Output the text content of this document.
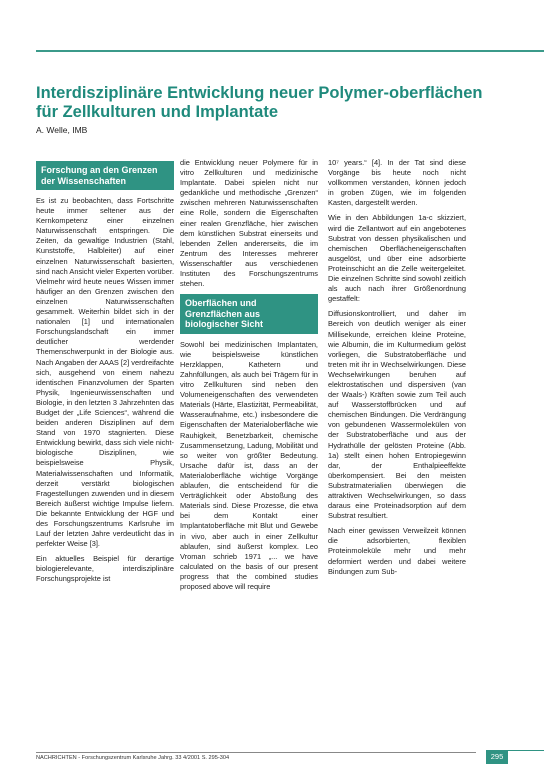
Interdisziplinäre Entwicklung neuer Polymer-oberflächen für Zellkulturen und Implantate
A. Welle, IMB
Forschung an den Grenzen der Wissenschaften

Es ist zu beobachten, dass Fortschritte heute immer seltener aus der Kernkompetenz einer einzelnen Naturwissenschaft entspringen. Die Zeiten, da gewaltige Industrien (Stahl, Kunststoffe, Halbleiter) auf einer einzelnen Naturwissenschaft basierten, sind nach Ansicht vieler Experten vorüber. Vielmehr wird heute neues Wissen immer häufiger an den Grenzen zwischen den einzelnen Naturwissenschaften gesammelt. Weiterhin bildet sich in der nationalen [1] und internationalen Forschungslandschaft ein immer deutlicher werdender Themenschwerpunkt in der Biologie aus. Nach Angaben der AAAS [2] verdreifachte sich, ausgehend von einem nahezu identischen Finanzvolumen der Sparten Physik, Ingenieurwissenschaften und Biologie, in den letzten 3 Jahrzehnten das Budget der „Life Sciences“, während die beiden anderen Disziplinen auf dem Stand von 1970 stagnierten. Diese Entwicklung bewirkt, dass sich viele nicht-biologische Disziplinen, wie beispielsweise Physik, Materialwissenschaften und Informatik, derzeit verstärkt biologischen Fragestellungen zuwenden und in diesem Bereich äußerst wichtige Impulse liefern. Die bekannte Entwicklung der HGF und des Forschungszentrums Karlsruhe im Lauf der letzten Jahre verdeutlicht das in perfekter Weise [3].

Ein aktuelles Beispiel für derartige biologierelevante, interdisziplinäre Forschungsprojekte ist

die Entwicklung neuer Polymere für in vitro Zellkulturen und medizinische Implantate. Dabei spielen nicht nur gedankliche und methodische „Grenzen“ zwischen mehreren Naturwissenschaften eine Rolle, sondern die Eigenschaften einer realen Grenzfläche, hier zwischen dem künstlichen Substrat einerseits und lebenden Zellen andererseits, die im Zentrum des Interesses mehrerer Wissenschaftler aus verschiedenen Instituten des Forschungszentrums stehen.

Oberflächen und Grenzflächen aus biologischer Sicht

Sowohl bei medizinischen Implantaten, wie beispielsweise künstlichen Herzklappen, Kathetern und Zahnfüllungen, als auch bei Trägern für in vitro Zellkulturen sind neben den Volumeneigenschaften des verwendeten Materials (Härte, Elastizität, Permeabilität, Wasseraufnahme, etc.) insbesondere die Eigenschaften der Materialoberfläche wie Rauhigkeit, Benetzbarkeit, chemische Zusammensetzung, Ladung, Mobilität und so weiter von größter Bedeutung. Ursache dafür ist, dass an der Materialoberfläche wichtige Vorgänge ablaufen, die entscheidend für die Verträglichkeit oder Abstoßung des Materials sind. Diese Prozesse, die etwa bei dem Kontakt einer Implantatoberfläche mit Blut und Gewebe in vivo, aber auch in einer Zellkultur ablaufen, sind äußerst komplex. Leo Vroman schrieb 1971 „... we have calculated on the basis of our present progress that the combined studies proposed above will require

10⁷ years.“ [4]. In der Tat sind diese Vorgänge bis heute noch nicht vollkommen verstanden, können jedoch in groben Zügen, wie im folgenden Kasten, dargestellt werden.

Wie in den Abbildungen 1a-c skizziert, wird die Zellantwort auf ein angebotenes Substrat von dessen physikalischen und chemischen Oberflächeneigenschaften ausgelöst, und über eine adsorbierte Proteinschicht an die Zelle weitergeleitet. Die einzelnen Schritte sind sowohl zeitlich als auch nach ihrer Größenordnung gestaffelt:

Diffusionskontrolliert, und daher im Bereich von deutlich weniger als einer Millisekunde, erreichen kleine Proteine, wie Albumin, die im Kulturmedium gelöst vorliegen, die Substratoberfläche und treten mit ihr in Wechselwirkungen. Diese Wechselwirkungen beruhen auf elektrostatischen und dispersiven (van der Waals-) Kräften sowie zum Teil auch auf Wasserstoffbrücken und auf chemischen Bindungen. Die Verdrängung von gebundenen Wassermolekülen von der Substratoberfläche und aus der Hydrathülle der gelösten Proteine (Abb. 1a) stellt einen hohen Entropiegewinn dar, der Enthalpieeffekte überkompensiert. Bei den meisten Substratmaterialien überwiegen die attraktiven Wechselwirkungen, so dass daraus eine Proteinadsorption auf dem Substrat resultiert.

Nach einer gewissen Verweilzeit können die adsorbierten, flexiblen Proteinmoleküle mehr und mehr deformiert werden und dabei weitere Bindungen zum Sub-

NACHRICHTEN - Forschungszentrum Karlsruhe Jahrg. 33 4/2001 S. 295-304	295
